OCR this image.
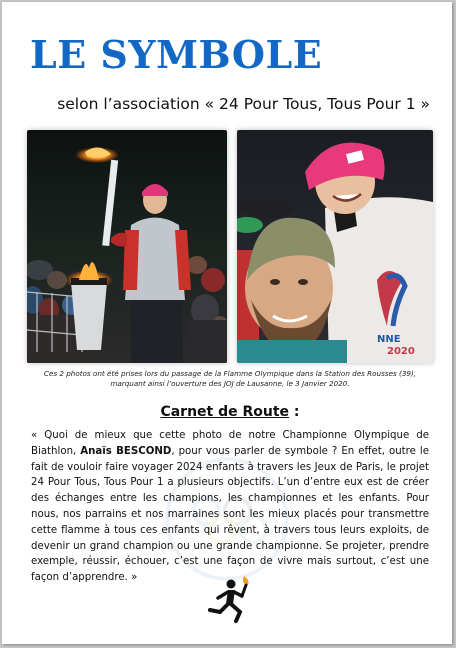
LE SYMBOLE

selon l’association « 24 Pour Tous, Tous Pour 1 »

NNE
2020

Ces 2 photos ont été prises lors du passage de la Flamme Olympique dans la Station des Rousses (39),
marquant ainsi l’ouverture des JOJ de Lausanne, le 3 Janvier 2020.

Carnet de Route :

« Quoi de mieux que cette photo de notre Championne Olympique de Biathlon, Anaïs BESCOND, pour vous parler de symbole ? En effet, outre le fait de vouloir faire voyager 2024 enfants à travers les Jeux de Paris, le projet 24 Pour Tous, Tous Pour 1 a plusieurs objectifs. L’un d’entre eux est de créer des échanges entre les champions, les championnes et les enfants. Pour nous, nos parrains et nos marraines sont les mieux placés pour transmettre cette flamme à tous ces enfants qui rêvent, à travers tous leurs exploits, de devenir un grand champion ou une grande championne. Se projeter, prendre exemple, réussir, échouer, c’est une façon de vivre mais surtout, c’est une façon d’apprendre. »
